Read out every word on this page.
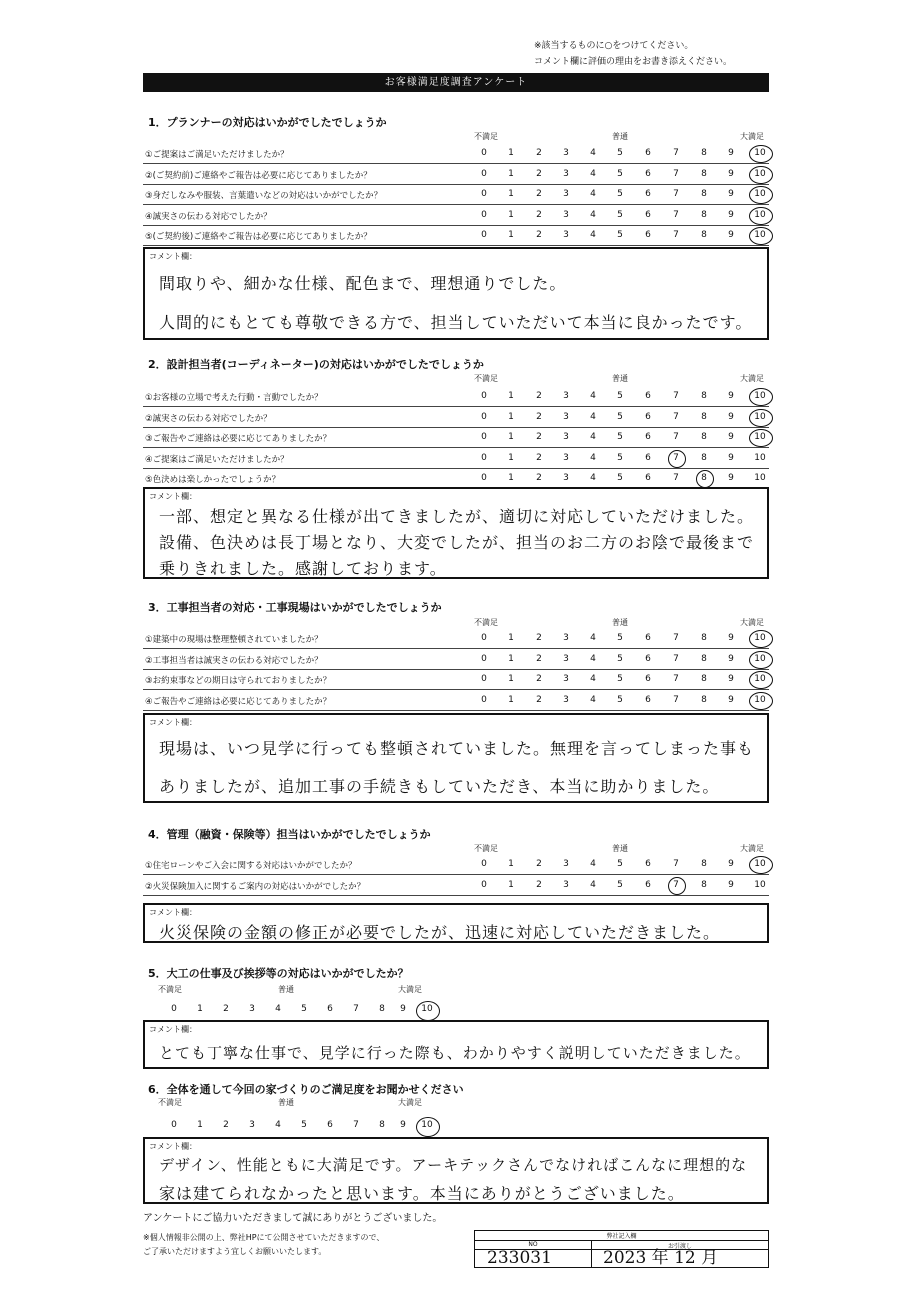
※該当するものに○をつけてください。
コメント欄に評価の理由をお書き添えください。
お客様満足度調査アンケート
1．プランナーの対応はいかがでしたでしょうか
不満足	普通	大満足
①ご提案はご満足いただけましたか？	0	1	2	3	4	5	6	7	8	9	10
②(ご契約前)ご連絡やご報告は必要に応じてありましたか？	0	1	2	3	4	5	6	7	8	9	10
③身だしなみや服装、言葉遣いなどの対応はいかがでしたか？	0	1	2	3	4	5	6	7	8	9	10
④誠実さの伝わる対応でしたか？	0	1	2	3	4	5	6	7	8	9	10
⑤(ご契約後)ご連絡やご報告は必要に応じてありましたか？	0	1	2	3	4	5	6	7	8	9	10
コメント欄：
間取りや、細かな仕様、配色まで、理想通りでした。
人間的にもとても尊敬できる方で、担当していただいて本当に良かったです。
2．設計担当者(コーディネーター)の対応はいかがでしたでしょうか
不満足	普通	大満足
①お客様の立場で考えた行動・言動でしたか？	0	1	2	3	4	5	6	7	8	9	10
②誠実さの伝わる対応でしたか？	0	1	2	3	4	5	6	7	8	9	10
③ご報告やご連絡は必要に応じてありましたか？	0	1	2	3	4	5	6	7	8	9	10
④ご提案はご満足いただけましたか？	0	1	2	3	4	5	6	7	8	9	10
⑤色決めは楽しかったでしょうか？	0	1	2	3	4	5	6	7	8	9	10
コメント欄：
一部、想定と異なる仕様が出てきましたが、適切に対応していただけました。
設備、色決めは長丁場となり、大変でしたが、担当のお二方のお陰で最後まで
乗りきれました。感謝しております。
3．工事担当者の対応・工事現場はいかがでしたでしょうか
不満足	普通	大満足
①建築中の現場は整理整頓されていましたか？	0	1	2	3	4	5	6	7	8	9	10
②工事担当者は誠実さの伝わる対応でしたか？	0	1	2	3	4	5	6	7	8	9	10
③お約束事などの期日は守られておりましたか？	0	1	2	3	4	5	6	7	8	9	10
④ご報告やご連絡は必要に応じてありましたか？	0	1	2	3	4	5	6	7	8	9	10
コメント欄：
現場は、いつ見学に行っても整頓されていました。無理を言ってしまった事も
ありましたが、追加工事の手続きもしていただき、本当に助かりました。
4．管理（融資・保険等）担当はいかがでしたでしょうか
不満足	普通	大満足
①住宅ローンやご入会に関する対応はいかがでしたか？	0	1	2	3	4	5	6	7	8	9	10
②火災保険加入に関するご案内の対応はいかがでしたか？	0	1	2	3	4	5	6	7	8	9	10
コメント欄：
火災保険の金額の修正が必要でしたが、迅速に対応していただきました。
5．大工の仕事及び挨拶等の対応はいかがでしたか？
不満足	普通	大満足
0	1	2	3	4	5	6	7	8	9	10
コメント欄：
とても丁寧な仕事で、見学に行った際も、わかりやすく説明していただきました。
6．全体を通して今回の家づくりのご満足度をお聞かせください
不満足	普通	大満足
0	1	2	3	4	5	6	7	8	9	10
コメント欄：
デザイン、性能ともに大満足です。アーキテックさんでなければこんなに理想的な
家は建てられなかったと思います。本当にありがとうございました。
アンケートにご協力いただきまして誠にありがとうございました。
※個人情報非公開の上、弊社HPにて公開させていただきますので、
ご了承いただけますよう宜しくお願いいたします。
弊社記入欄
NO	お引渡し
233031	2023 年 12 月
